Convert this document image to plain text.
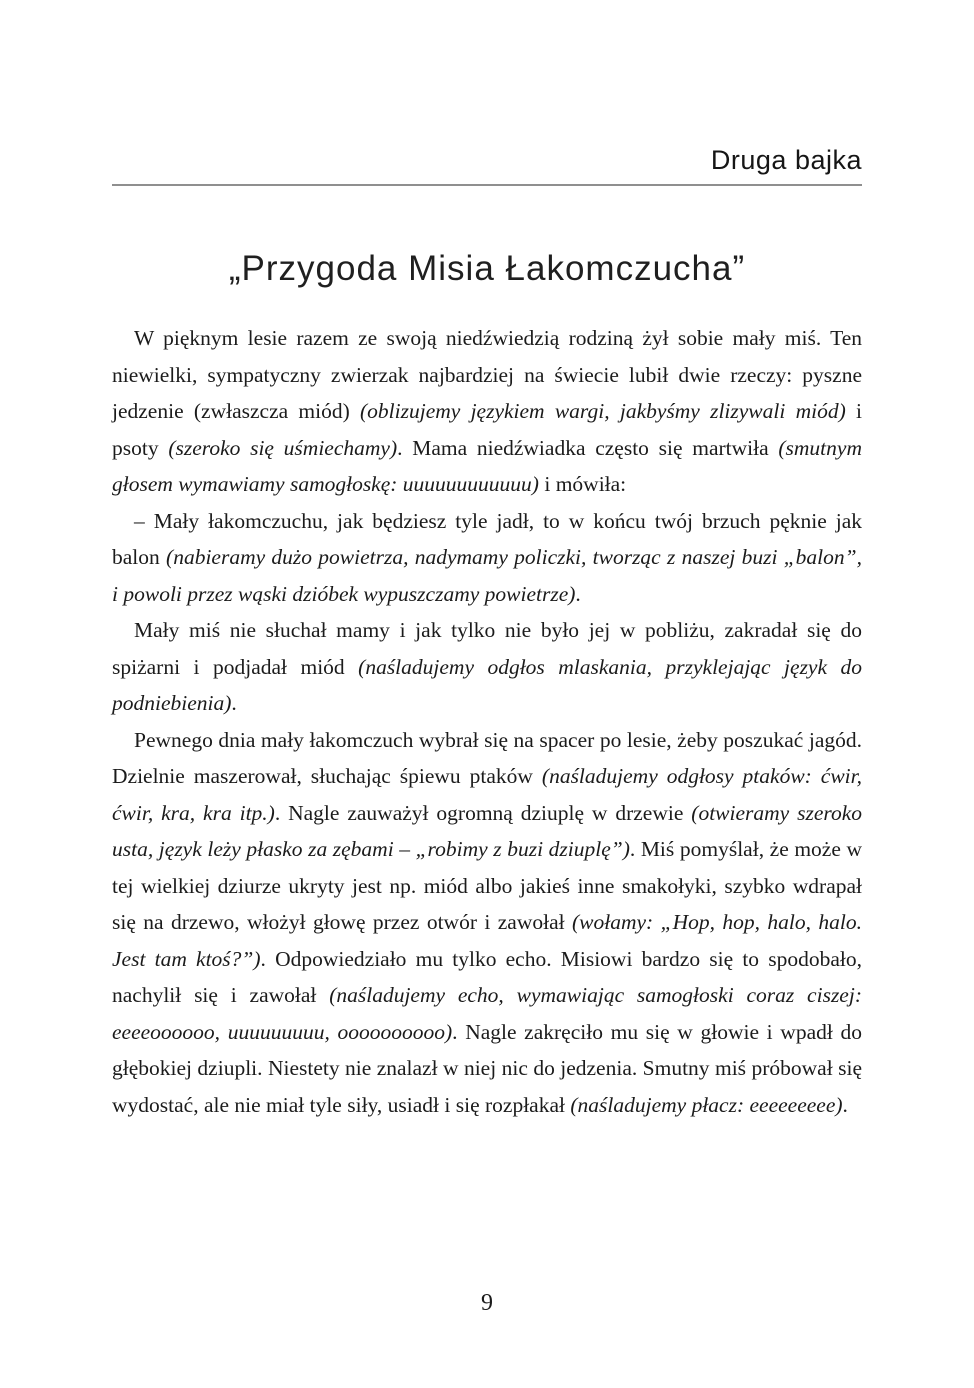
Druga bajka
„Przygoda Misia Łakomczucha”

W pięknym lesie razem ze swoją niedźwiedzią rodziną żył sobie mały miś. Ten niewielki, sympatyczny zwierzak najbardziej na świecie lubił dwie rzeczy: pyszne jedzenie (zwłaszcza miód) (oblizujemy językiem wargi, jakbyśmy zlizywali miód) i psoty (szeroko się uśmiechamy). Mama niedźwiadka często się martwiła (smutnym głosem wymawiamy samogłoskę: uuuuuuuuuuuu) i mówiła:

– Mały łakomczuchu, jak będziesz tyle jadł, to w końcu twój brzuch pęknie jak balon (nabieramy dużo powietrza, nadymamy policzki, tworząc z naszej buzi „balon”, i powoli przez wąski dzióbek wypuszczamy powietrze).

Mały miś nie słuchał mamy i jak tylko nie było jej w pobliżu, zakradał się do spiżarni i podjadał miód (naśladujemy odgłos mlaskania, przyklejając język do podniebienia).

Pewnego dnia mały łakomczuch wybrał się na spacer po lesie, żeby poszukać jagód. Dzielnie maszerował, słuchając śpiewu ptaków (naśladujemy odgłosy ptaków: ćwir, ćwir, kra, kra itp.). Nagle zauważył ogromną dziuplę w drzewie (otwieramy szeroko usta, język leży płasko za zębami – „robimy z buzi dziuplę”). Miś pomyślał, że może w tej wielkiej dziurze ukryty jest np. miód albo jakieś inne smakołyki, szybko wdrapał się na drzewo, włożył głowę przez otwór i zawołał (wołamy: „Hop, hop, halo, halo. Jest tam ktoś?”). Odpowiedziało mu tylko echo. Misiowi bardzo się to spodobało, nachylił się i zawołał (naśladujemy echo, wymawiając samogłoski coraz ciszej: eeeeoooooo, uuuuuuuuu, oooooooooo). Nagle zakręciło mu się w głowie i wpadł do głębokiej dziupli. Niestety nie znalazł w niej nic do jedzenia. Smutny miś próbował się wydostać, ale nie miał tyle siły, usiadł i się rozpłakał (naśladujemy płacz: eeeeeeeee).

9
